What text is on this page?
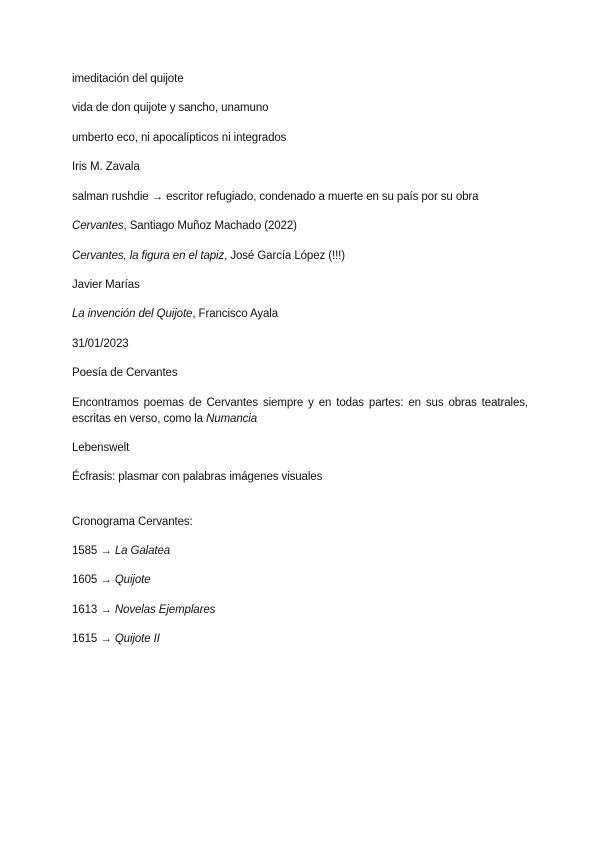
imeditación del quijote
vida de don quijote y sancho, unamuno
umberto eco, ni apocalípticos ni integrados
Iris M. Zavala
salman rushdie → escritor refugiado, condenado a muerte en su país por su obra
Cervantes, Santiago Muñoz Machado (2022)
Cervantes, la figura en el tapiz, José García López (!!!)
Javier Marías
La invención del Quijote, Francisco Ayala
31/01/2023
Poesía de Cervantes
Encontramos poemas de Cervantes siempre y en todas partes: en sus obras teatrales, escritas en verso, como la Numancia
Lebenswelt
Écfrasis: plasmar con palabras imágenes visuales
Cronograma Cervantes:
1585 → La Galatea
1605 → Quijote
1613 → Novelas Ejemplares
1615 → Quijote II
